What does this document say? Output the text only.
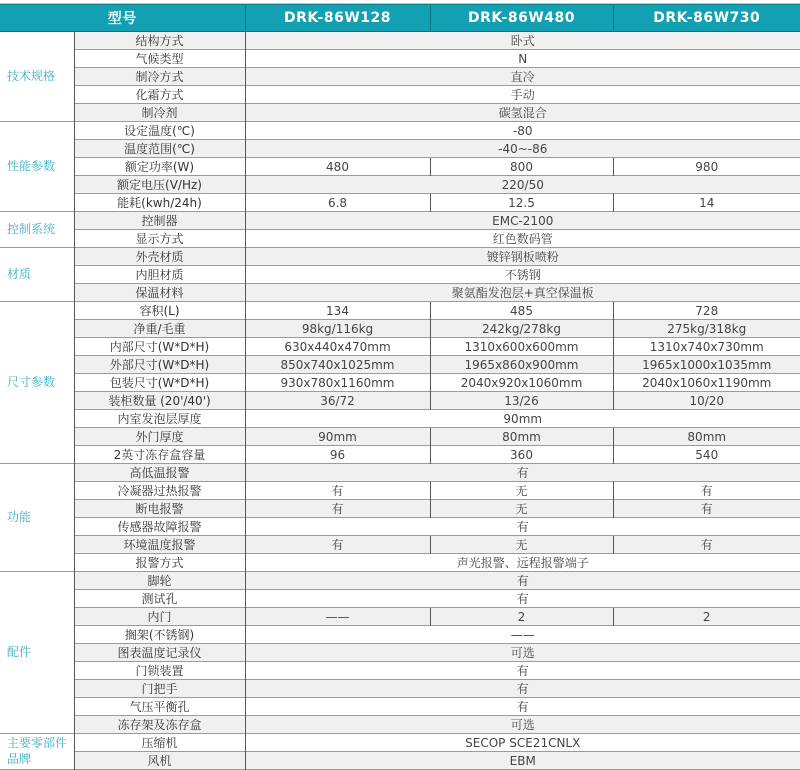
型号		DRK-86W128	DRK-86W480	DRK-86W730
技术规格	结构方式	卧式		
	气候类型	N		
	制冷方式	直冷		
	化霜方式	手动		
	制冷剂	碳氢混合		
性能参数	设定温度(℃)	-80		
	温度范围(℃)	-40~-86		
	额定功率(W)	480	800	980
	额定电压(V/Hz)	220/50		
	能耗(kwh/24h)	6.8	12.5	14
控制系统	控制器	EMC-2100		
	显示方式	红色数码管		
材质	外壳材质	镀锌钢板喷粉		
	内胆材质	不锈钢		
	保温材料	聚氨酯发泡层+真空保温板		
尺寸参数	容积(L)	134	485	728
	净重/毛重	98kg/116kg	242kg/278kg	275kg/318kg
	内部尺寸(W*D*H)	630x440x470mm	1310x600x600mm	1310x740x730mm
	外部尺寸(W*D*H)	850x740x1025mm	1965x860x900mm	1965x1000x1035mm
	包装尺寸(W*D*H)	930x780x1160mm	2040x920x1060mm	2040x1060x1190mm
	装柜数量 (20'/40')	36/72	13/26	10/20
	内室发泡层厚度	90mm		
	外门厚度	90mm	80mm	80mm
	2英寸冻存盒容量	96	360	540
功能	高低温报警	有		
	冷凝器过热报警	有	无	有
	断电报警	有	无	有
	传感器故障报警	有		
	环境温度报警	有	无	有
	报警方式	声光报警、远程报警端子		
配件	脚轮	有		
	测试孔	有		
	内门	——	2	2
	搁架(不锈钢)	——		
	图表温度记录仪	可选		
	门锁装置	有		
	门把手	有		
	气压平衡孔	有		
	冻存架及冻存盒	可选		
主要零部件品牌	压缩机	SECOP SCE21CNLX		
	风机	EBM		
